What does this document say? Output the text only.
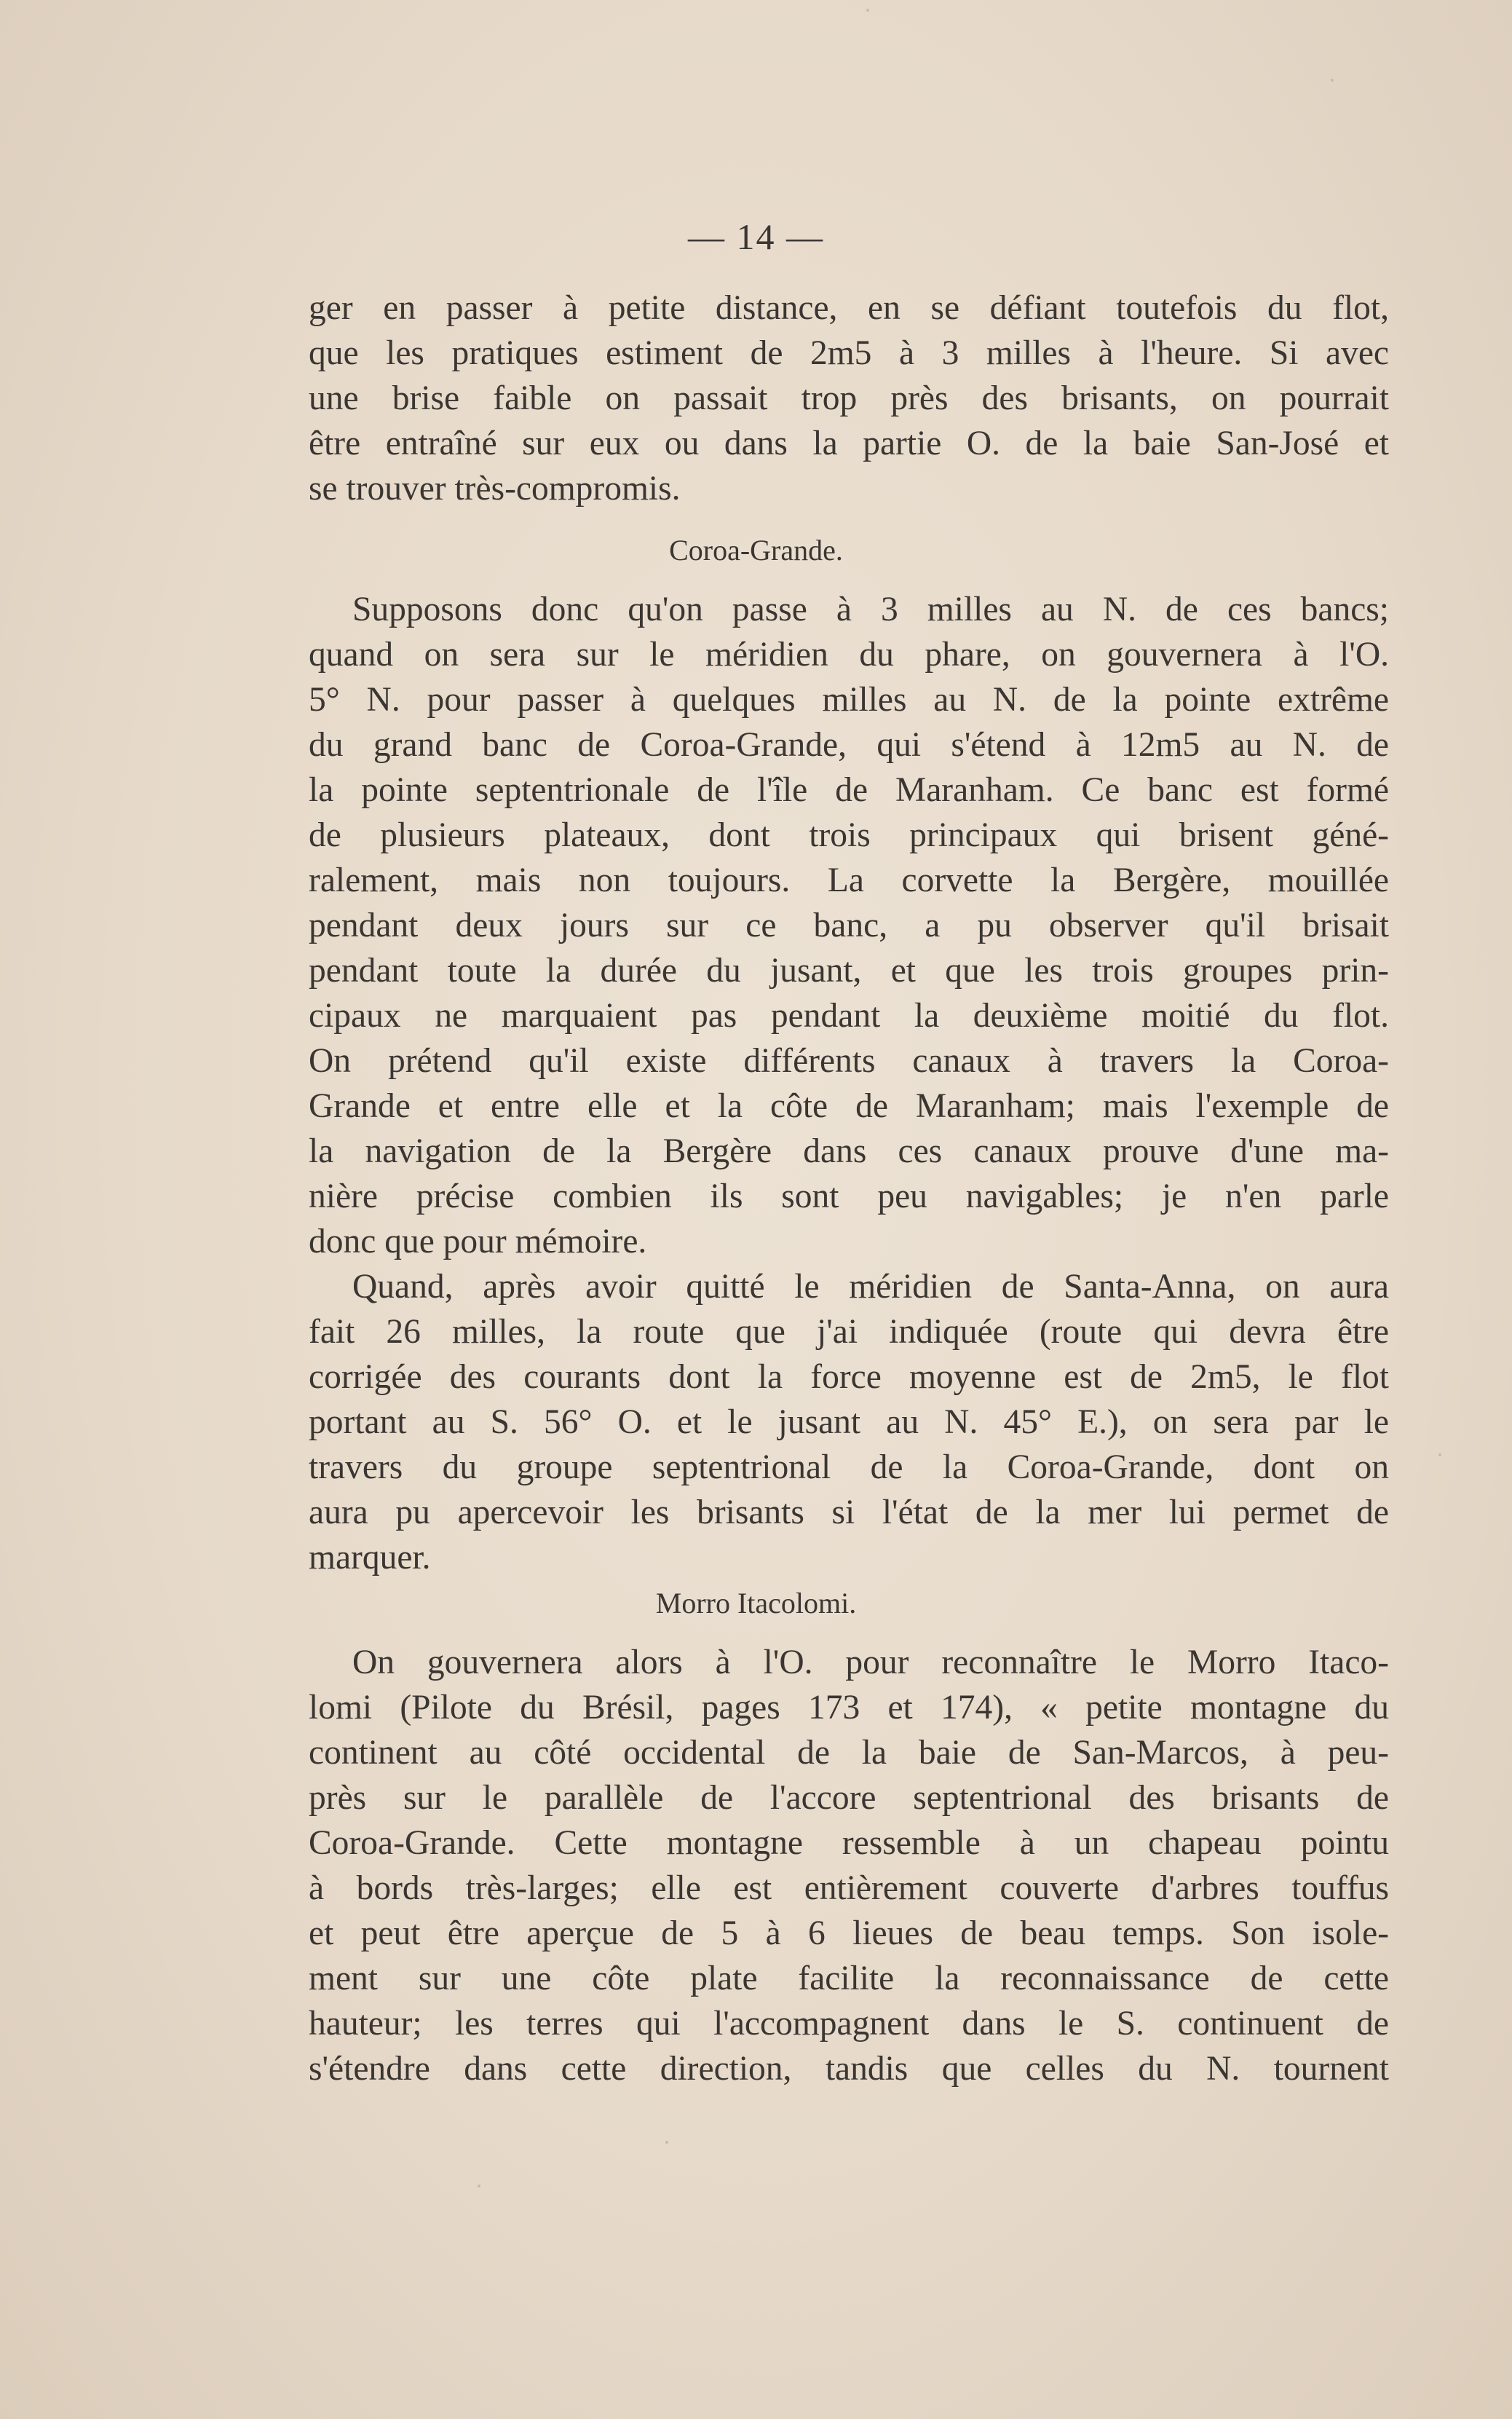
— 14 —
ger en passer à petite distance, en se défiant toutefois du flot,
que les pratiques estiment de 2m5 à 3 milles à l'heure. Si avec
une brise faible on passait trop près des brisants, on pourrait
être entraîné sur eux ou dans la partie O. de la baie San-José et
se trouver très-compromis.
Coroa-Grande.
Supposons donc qu'on passe à 3 milles au N. de ces bancs;
quand on sera sur le méridien du phare, on gouvernera à l'O.
5° N. pour passer à quelques milles au N. de la pointe extrême
du grand banc de Coroa-Grande, qui s'étend à 12m5 au N. de
la pointe septentrionale de l'île de Maranham. Ce banc est formé
de plusieurs plateaux, dont trois principaux qui brisent géné-
ralement, mais non toujours. La corvette la Bergère, mouillée
pendant deux jours sur ce banc, a pu observer qu'il brisait
pendant toute la durée du jusant, et que les trois groupes prin-
cipaux ne marquaient pas pendant la deuxième moitié du flot.
On prétend qu'il existe différents canaux à travers la Coroa-
Grande et entre elle et la côte de Maranham; mais l'exemple de
la navigation de la Bergère dans ces canaux prouve d'une ma-
nière précise combien ils sont peu navigables; je n'en parle
donc que pour mémoire.
Quand, après avoir quitté le méridien de Santa-Anna, on aura
fait 26 milles, la route que j'ai indiquée (route qui devra être
corrigée des courants dont la force moyenne est de 2m5, le flot
portant au S. 56° O. et le jusant au N. 45° E.), on sera par le
travers du groupe septentrional de la Coroa-Grande, dont on
aura pu apercevoir les brisants si l'état de la mer lui permet de
marquer.
Morro Itacolomi.
On gouvernera alors à l'O. pour reconnaître le Morro Itaco-
lomi (Pilote du Brésil, pages 173 et 174), « petite montagne du
continent au côté occidental de la baie de San-Marcos, à peu-
près sur le parallèle de l'accore septentrional des brisants de
Coroa-Grande. Cette montagne ressemble à un chapeau pointu
à bords très-larges; elle est entièrement couverte d'arbres touffus
et peut être aperçue de 5 à 6 lieues de beau temps. Son isole-
ment sur une côte plate facilite la reconnaissance de cette
hauteur; les terres qui l'accompagnent dans le S. continuent de
s'étendre dans cette direction, tandis que celles du N. tournent
